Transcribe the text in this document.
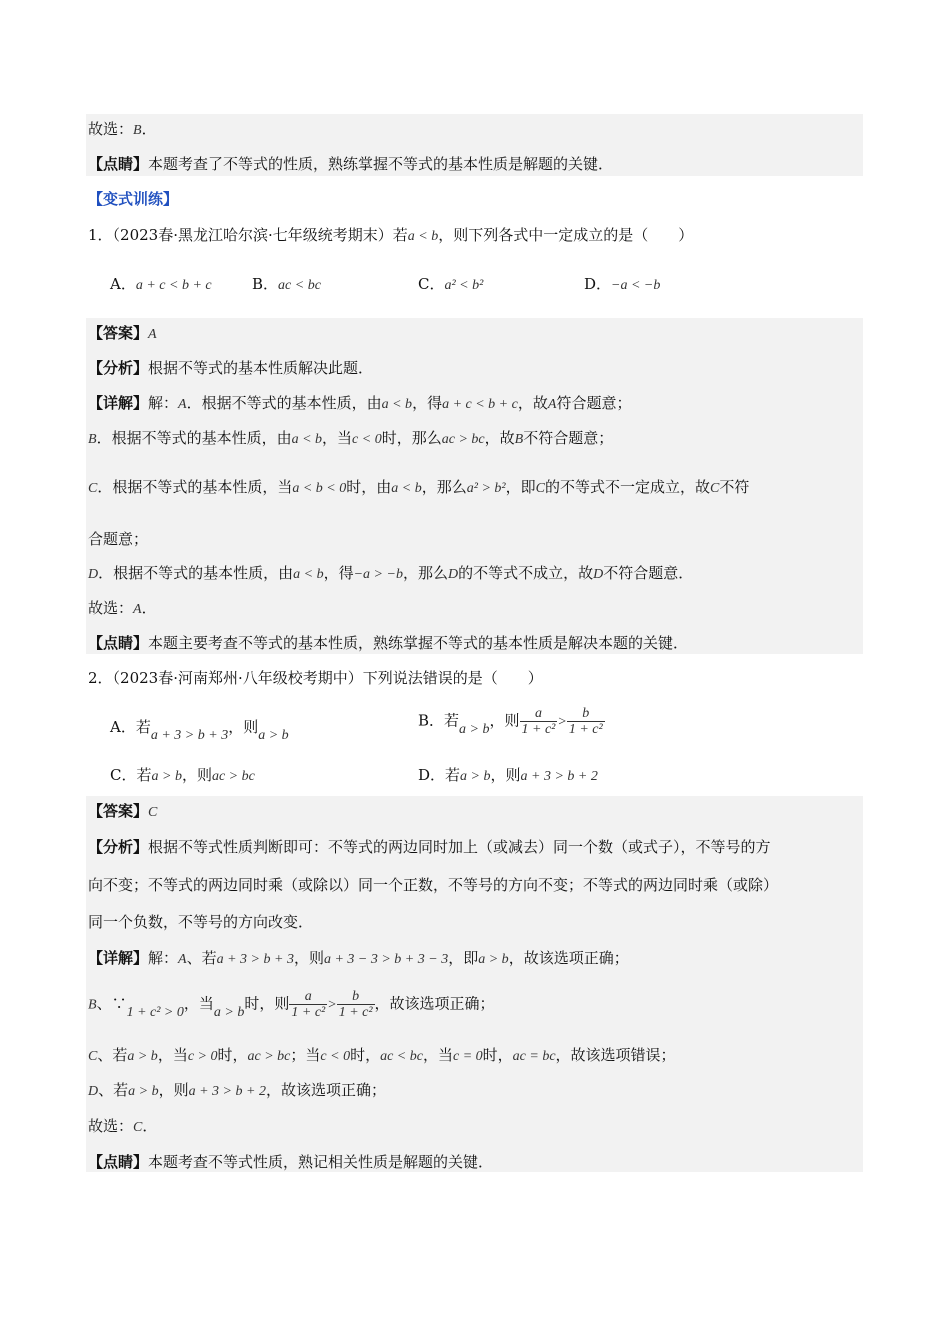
故选：B．
【点睛】本题考查了不等式的性质，熟练掌握不等式的基本性质是解题的关键．
【变式训练】
1．（2023春·黑龙江哈尔滨·七年级统考期末）若a < b，则下列各式中一定成立的是（　　）
A．a + c < b + c	B．ac < bc	C．a² < b²	D．−a < −b
【答案】A
【分析】根据不等式的基本性质解决此题．
【详解】解：A．根据不等式的基本性质，由a < b，得a + c < b + c，故A符合题意；
B．根据不等式的基本性质，由a < b，当c < 0时，那么ac > bc，故B不符合题意；
C．根据不等式的基本性质，当a < b < 0时，由a < b，那么a² > b²，即C的不等式不一定成立，故C不符
合题意；
D．根据不等式的基本性质，由a < b，得−a > −b，那么D的不等式不成立，故D不符合题意．
故选：A．
【点睛】本题主要考查不等式的基本性质，熟练掌握不等式的基本性质是解决本题的关键．
2．（2023春·河南郑州·八年级校考期中）下列说法错误的是（　　）
A．若a + 3 > b + 3，则a > b
B．若a > b，则 $\frac{a}{\text{1 + c²}} > \frac{b}{\text{1 + c²}}$
C．若a > b，则ac > bc	D．若a > b，则a + 3 > b + 2
【答案】C
【分析】根据不等式性质判断即可：不等式的两边同时加上（或减去）同一个数（或式子），不等号的方
向不变；不等式的两边同时乘（或除以）同一个正数，不等号的方向不变；不等式的两边同时乘（或除）
同一个负数，不等号的方向改变．
【详解】解：A、若a + 3 > b + 3，则a + 3 − 3 > b + 3 − 3，即a > b，故该选项正确；
B、∵1 + c² > 0，当a > b时，则 $\frac{a}{\text{1 + c²}} > \frac{b}{\text{1 + c²}}$ ，故该选项正确；
C、若a > b，当c > 0时，ac > bc；当c < 0时，ac < bc，当c = 0时，ac = bc，故该选项错误；
D、若a > b，则a + 3 > b + 2，故该选项正确；
故选：C．
【点睛】本题考查不等式性质，熟记相关性质是解题的关键．
